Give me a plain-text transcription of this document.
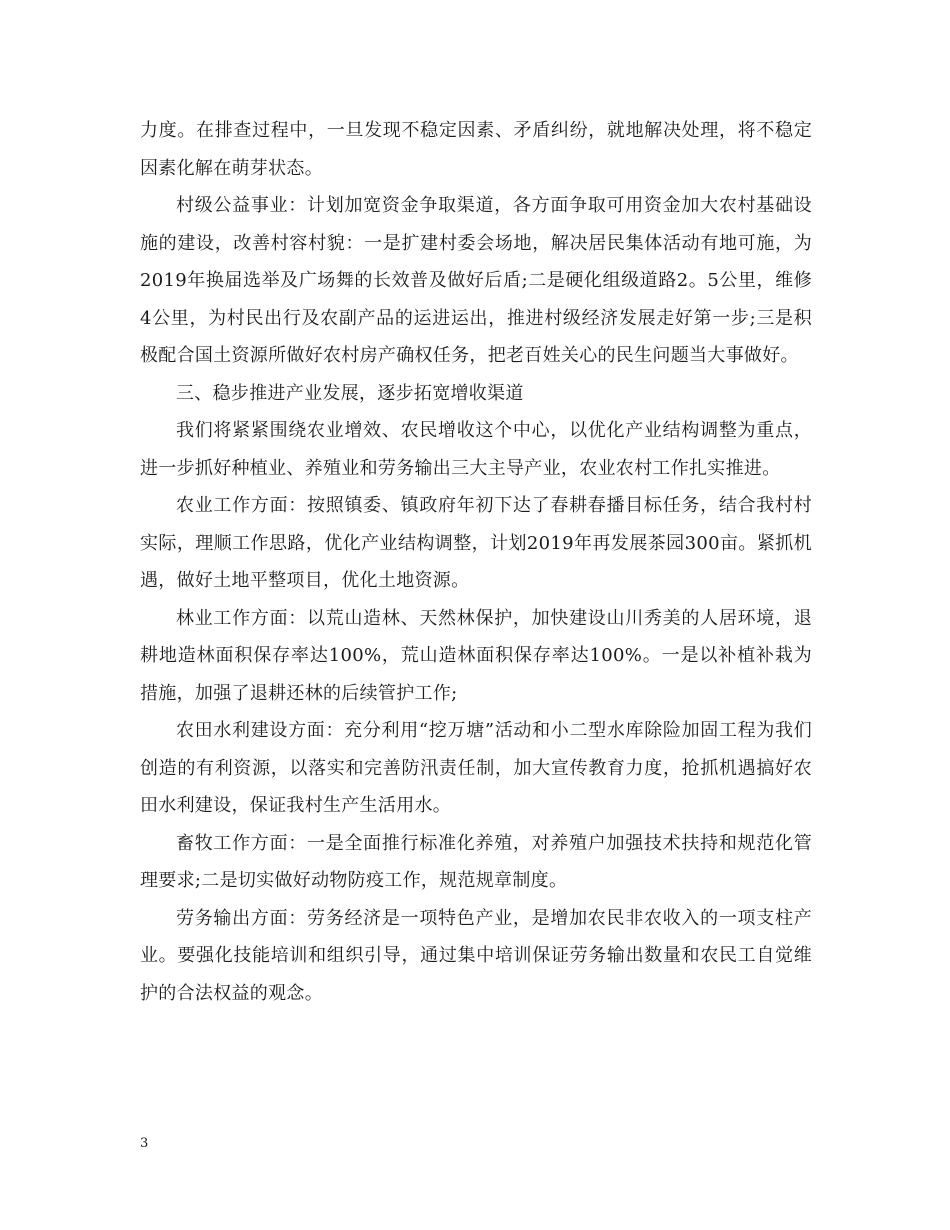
力度。在排查过程中，一旦发现不稳定因素、矛盾纠纷，就地解决处理，将不稳定因素化解在萌芽状态。

村级公益事业：计划加宽资金争取渠道，各方面争取可用资金加大农村基础设施的建设，改善村容村貌：一是扩建村委会场地，解决居民集体活动有地可施，为2019年换届选举及广场舞的长效普及做好后盾;二是硬化组级道路2。5公里，维修4公里，为村民出行及农副产品的运进运出，推进村级经济发展走好第一步;三是积极配合国土资源所做好农村房产确权任务，把老百姓关心的民生问题当大事做好。

三、稳步推进产业发展，逐步拓宽增收渠道

我们将紧紧围绕农业增效、农民增收这个中心，以优化产业结构调整为重点，进一步抓好种植业、养殖业和劳务输出三大主导产业，农业农村工作扎实推进。

农业工作方面：按照镇委、镇政府年初下达了春耕春播目标任务，结合我村村实际，理顺工作思路，优化产业结构调整，计划2019年再发展茶园300亩。紧抓机遇，做好土地平整项目，优化土地资源。

林业工作方面：以荒山造林、天然林保护，加快建设山川秀美的人居环境，退耕地造林面积保存率达100%，荒山造林面积保存率达100%。一是以补植补栽为措施，加强了退耕还林的后续管护工作;

农田水利建设方面：充分利用“挖万塘”活动和小二型水库除险加固工程为我们创造的有利资源，以落实和完善防汛责任制，加大宣传教育力度，抢抓机遇搞好农田水利建设，保证我村生产生活用水。

畜牧工作方面：一是全面推行标准化养殖，对养殖户加强技术扶持和规范化管理要求;二是切实做好动物防疫工作，规范规章制度。

劳务输出方面：劳务经济是一项特色产业，是增加农民非农收入的一项支柱产业。要强化技能培训和组织引导，通过集中培训保证劳务输出数量和农民工自觉维护的合法权益的观念。

3
